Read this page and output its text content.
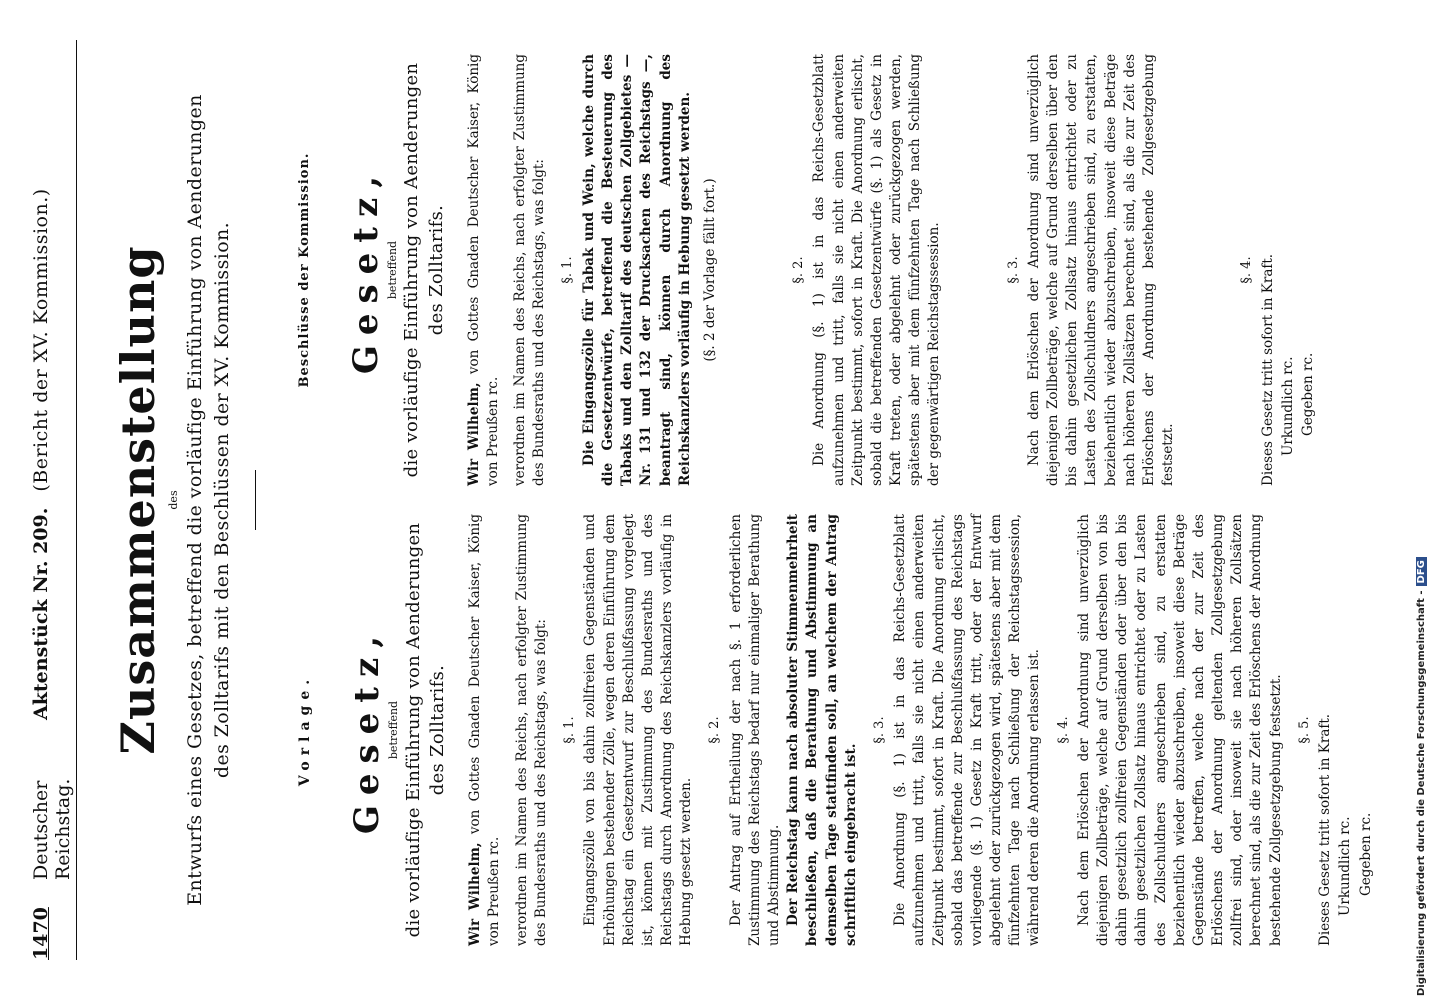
1470
Deutscher Reichstag.
Aktenstück Nr. 209.
(Bericht der XV. Kommission.) Zusammenstellung des Entwurfs eines Gesetzes, betreffend die vorläufige Einführung von Aenderungen des Zolltarifs mit den Beschlüssen der XV. Kommission.	Vorlage. Gesetz, betreffend die vorläufige Einführung von Aenderungen des Zolltarifs.

Wir Wilhelm, von Gottes Gnaden Deutscher Kaiser, König von Preußen rc. verordnen im Namen des Reichs, nach erfolgter Zustimmung des Bundesraths und des Reichstags, was folgt: §. 1. Eingangszölle von bis dahin zollfreien Gegenständen und Erhöhungen bestehender Zölle, wegen deren Einführung dem Reichstag ein Gesetzentwurf zur Beschlußfassung vorgelegt ist, können mit Zustimmung des Bundesraths und des Reichstags durch Anordnung des Reichskanzlers vorläufig in Hebung gesetzt werden.

§. 2. Der Antrag auf Ertheilung der nach §. 1 erforderlichen Zustimmung des Reichstags bedarf nur einmaliger Berathung und Abstimmung. Der Reichstag kann nach absoluter Stimmenmehrheit beschließen, daß die Berathung und Abstimmung an demselben Tage stattfinden soll, an welchem der Antrag schriftlich eingebracht ist.

§. 3. Die Anordnung (§. 1) ist in das Reichs-Gesetzblatt aufzunehmen und tritt, falls sie nicht einen anderweiten Zeitpunkt bestimmt, sofort in Kraft. Die Anordnung erlischt, sobald das betreffende zur Beschlußfassung des Reichstags vorliegende (§. 1) Gesetz in Kraft tritt, oder der Entwurf abgelehnt oder zurückgezogen wird, spätestens aber mit dem fünfzehnten Tage nach Schließung der Reichstagssession, während deren die Anordnung erlassen ist. §. 4. Nach dem Erlöschen der Anordnung sind unverzüglich diejenigen Zollbeträge, welche auf Grund derselben von bis dahin gesetzlich zollfreien Gegenständen oder über den bis dahin gesetzlichen Zollsatz hinaus entrichtet oder zu Lasten des Zollschuldners angeschrieben sind, zu erstatten beziehentlich wieder abzuschreiben, insoweit diese Beträge Gegenstände betreffen, welche nach der zur Zeit des Erlöschens der Anordnung geltenden Zollgesetzgebung zollfrei sind, oder insoweit sie nach höheren Zollsätzen berechnet sind, als die zur Zeit des Erlöschens der Anordnung bestehende Zollgesetzgebung festsetzt. §. 5. Dieses Gesetz tritt sofort in Kraft. Urkundlich rc. Gegeben rc.
Beschlüsse der Kommission. Gesetz, betreffend die vorläufige Einführung von Aenderungen des Zolltarifs.

Wir Wilhelm, von Gottes Gnaden Deutscher Kaiser, König von Preußen rc. verordnen im Namen des Reichs, nach erfolgter Zustimmung des Bundesraths und des Reichstags, was folgt: §. 1. Die Eingangszölle für Tabak und Wein, welche durch die Gesetzentwürfe, betreffend die Besteuerung des Tabaks und den Zolltarif des deutschen Zollgebietes — Nr. 131 und 132 der Drucksachen des Reichstags —, beantragt sind, können durch Anordnung des Reichskanzlers vorläufig in Hebung gesetzt werden. (§. 2 der Vorlage fällt fort.)	§. 2. Die Anordnung (§. 1) ist in das Reichs-Gesetzblatt aufzunehmen und tritt, falls sie nicht einen anderweiten Zeitpunkt bestimmt, sofort in Kraft. Die Anordnung erlischt, sobald die betreffenden Gesetzentwürfe (§. 1) als Gesetz in Kraft treten, oder abgelehnt oder zurückgezogen werden, spätestens aber mit dem fünfzehnten Tage nach Schließung der gegenwärtigen Reichstagssession.	§. 3. Nach dem Erlöschen der Anordnung sind unverzüglich diejenigen Zollbeträge, welche auf Grund derselben über den bis dahin gesetzlichen Zollsatz hinaus entrichtet oder zu Lasten des Zollschuldners angeschrieben sind, zu erstatten, beziehentlich wieder abzuschreiben, insoweit diese Beträge nach höheren Zollsätzen berechnet sind, als die zur Zeit des Erlöschens der Anordnung bestehende Zollgesetzgebung festsetzt.

§. 4. Dieses Gesetz tritt sofort in Kraft. Urkundlich rc. Gegeben rc.
Digitalisierung gefördert durch die Deutsche Forschungsgemeinschaft -DFG
